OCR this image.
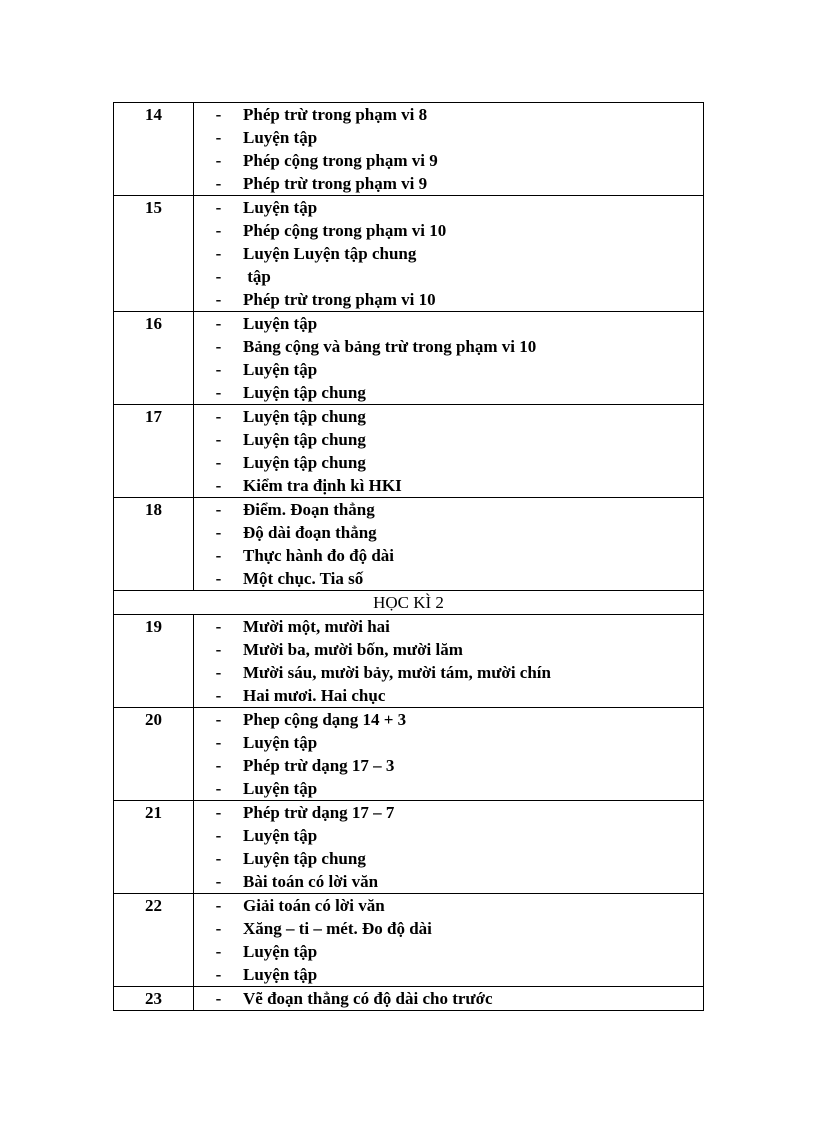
14	-	Phép trừ trong phạm vi 8
-	Luyện tập
-	Phép cộng trong phạm vi 9
-	Phép trừ trong phạm vi 9
15	-	Luyện tập
-	Phép cộng trong phạm vi 10
-	Luyện Luyện tập chung
-	tập
-	Phép trừ trong phạm vi 10
16	-	Luyện tập
-	Bảng cộng và bảng trừ trong phạm vi 10
-	Luyện tập
-	Luyện tập chung
17	-	Luyện tập chung
-	Luyện tập chung
-	Luyện tập chung
-	Kiểm tra định kì HKI
18	-	Điểm. Đoạn thẳng
-	Độ dài đoạn thẳng
-	Thực hành đo độ dài
-	Một chục. Tia số
HỌC KÌ 2
19	-	Mười một, mười hai
-	Mười ba, mười bốn, mười lăm
-	Mười sáu, mười bảy, mười tám, mười chín
-	Hai mươi. Hai chục
20	-	Phep cộng dạng 14 + 3
-	Luyện tập
-	Phép trừ dạng 17 – 3
-	Luyện tập
21	-	Phép trừ dạng 17 – 7
-	Luyện tập
-	Luyện tập chung
-	Bài toán có lời văn
22	-	Giải toán có lời văn
-	Xăng – ti – mét. Đo độ dài
-	Luyện tập
-	Luyện tập
23	-	Vẽ đoạn thẳng có độ dài cho trước
